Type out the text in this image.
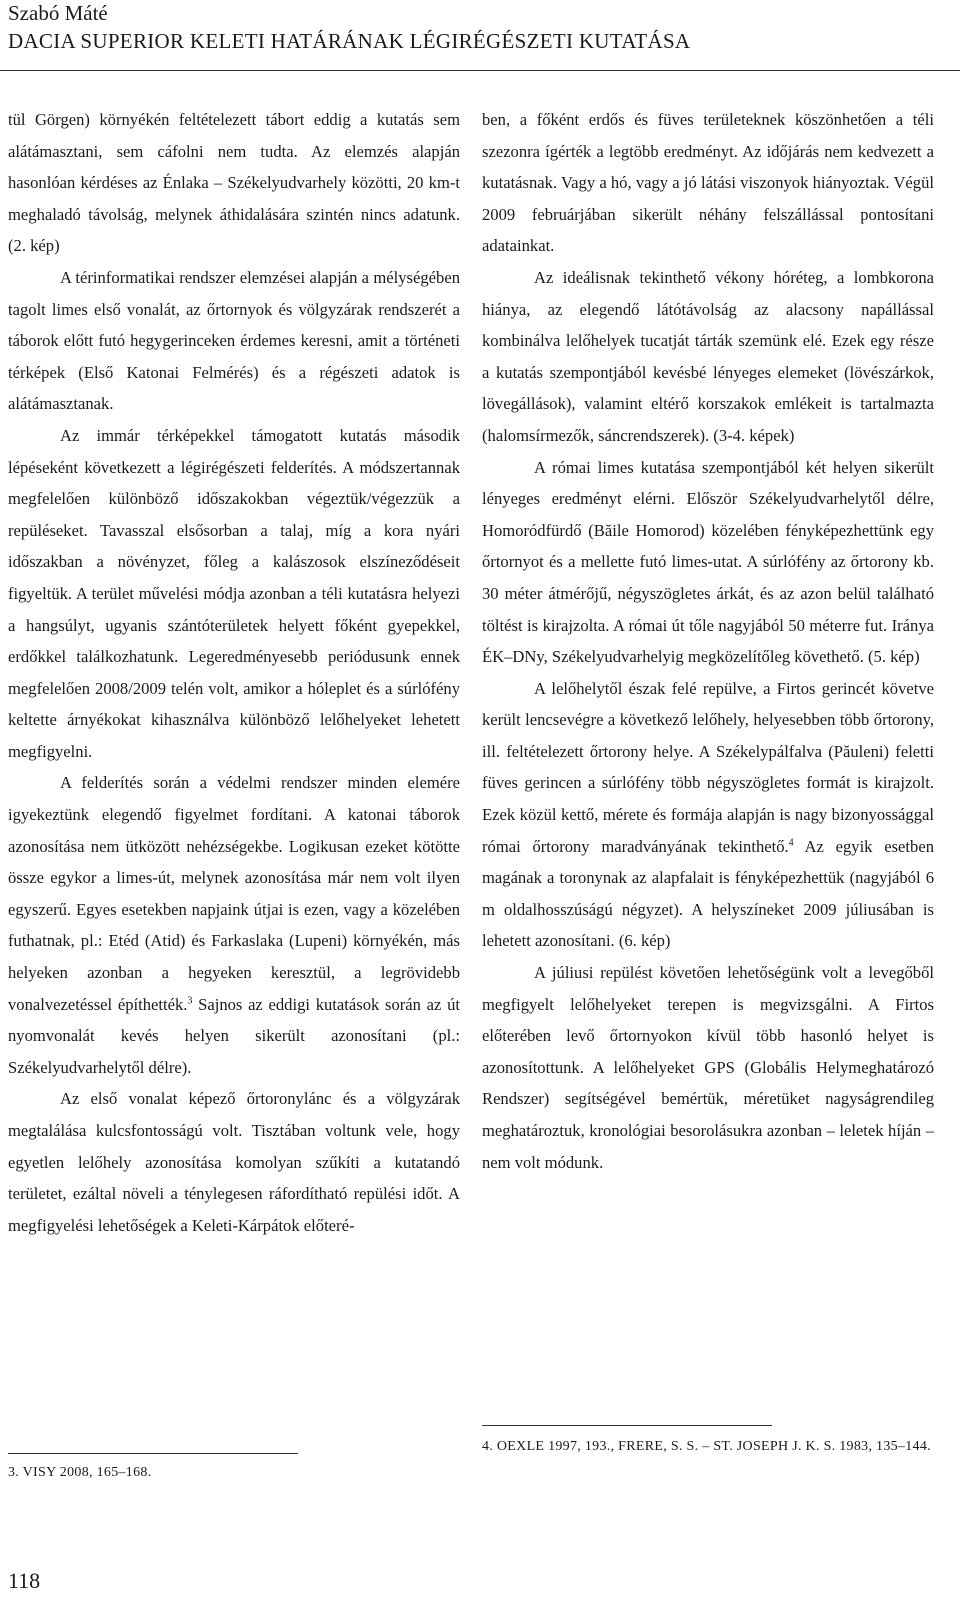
Szabó Máté
DACIA SUPERIOR KELETI HATÁRÁNAK LÉGIRÉGÉSZETI KUTATÁSA

tül Görgen) környékén feltételezett tábort eddig a kutatás sem alátámasztani, sem cáfolni nem tudta. Az elemzés alapján hasonlóan kérdéses az Énlaka – Székelyudvarhely közötti, 20 km-t meghaladó távolság, melynek áthidalására szintén nincs adatunk. (2. kép)

A térinformatikai rendszer elemzései alapján a mélységében tagolt limes első vonalát, az őrtornyok és völgyzárak rendszerét a táborok előtt futó hegygerinceken érdemes keresni, amit a történeti térképek (Első Katonai Felmérés) és a régészeti adatok is alátámasztanak.

Az immár térképekkel támogatott kutatás második lépéseként következett a légirégészeti felderítés. A módszertannak megfelelően különböző időszakokban végeztük/végezzük a repüléseket. Tavasszal elsősorban a talaj, míg a kora nyári időszakban a növényzet, főleg a kalászosok elszíneződéseit figyeltük. A terület művelési módja azonban a téli kutatásra helyezi a hangsúlyt, ugyanis szántóterületek helyett főként gyepekkel, erdőkkel találkozhatunk. Legeredményesebb periódusunk ennek megfelelően 2008/2009 telén volt, amikor a hóleplet és a súrlófény keltette árnyékokat kihasználva különböző lelőhelyeket lehetett megfigyelni.

A felderítés során a védelmi rendszer minden elemére igyekeztünk elegendő figyelmet fordítani. A katonai táborok azonosítása nem ütközött nehézségekbe. Logikusan ezeket kötötte össze egykor a limes-út, melynek azonosítása már nem volt ilyen egyszerű. Egyes esetekben napjaink útjai is ezen, vagy a közelében futhatnak, pl.: Etéd (Atid) és Farkaslaka (Lupeni) környékén, más helyeken azonban a hegyeken keresztül, a legrövidebb vonalvezetéssel építhették.$^3$ Sajnos az eddigi kutatások során az út nyomvonalát kevés helyen sikerült azonosítani (pl.: Székelyudvarhelytől délre).

Az első vonalat képező őrtoronylánc és a völgyzárak megtalálása kulcsfontosságú volt. Tisztában voltunk vele, hogy egyetlen lelőhely azonosítása komolyan szűkíti a kutatandó területet, ezáltal növeli a ténylegesen ráfordítható repülési időt. A megfigyelési lehetőségek a Keleti-Kárpátok előteré-

3. VISY 2008, 165–168.

ben, a főként erdős és füves területeknek köszönhetően a téli szezonra ígérték a legtöbb eredményt. Az időjárás nem kedvezett a kutatásnak. Vagy a hó, vagy a jó látási viszonyok hiányoztak. Végül 2009 februárjában sikerült néhány felszállással pontosítani adatainkat.

Az ideálisnak tekinthető vékony hóréteg, a lombkorona hiánya, az elegendő látótávolság az alacsony napállással kombinálva lelőhelyek tucatját tárták szemünk elé. Ezek egy része a kutatás szempontjából kevésbé lényeges elemeket (lövészárkok, lövegállások), valamint eltérő korszakok emlékeit is tartalmazta (halomsírmezők, sáncrendszerek). (3-4. képek)

A római limes kutatása szempontjából két helyen sikerült lényeges eredményt elérni. Először Székelyudvarhelytől délre, Homoródfürdő (Băile Homorod) közelében fényképezhettünk egy őrtornyot és a mellette futó limes-utat. A súrlófény az őrtorony kb. 30 méter átmérőjű, négyszögletes árkát, és az azon belül található töltést is kirajzolta. A római út tőle nagyjából 50 méterre fut. Iránya ÉK–DNy, Székelyudvarhelyig megközelítőleg követhető. (5. kép)

A lelőhelytől észak felé repülve, a Firtos gerincét követve került lencsevégre a következő lelőhely, helyesebben több őrtorony, ill. feltételezett őrtorony helye. A Székelypálfalva (Păuleni) feletti füves gerincen a súrlófény több négyszögletes formát is kirajzolt. Ezek közül kettő, mérete és formája alapján is nagy bizonyossággal római őrtorony maradványának tekinthető.$^4$ Az egyik esetben magának a toronynak az alapfalait is fényképezhettük (nagyjából 6 m oldalhosszúságú négyzet). A helyszíneket 2009 júliusában is lehetett azonosítani. (6. kép)

A júliusi repülést követően lehetőségünk volt a levegőből megfigyelt lelőhelyeket terepen is megvizsgálni. A Firtos előterében levő őrtornyokon kívül több hasonló helyet is azonosítottunk. A lelőhelyeket GPS (Globális Helymeghatározó Rendszer) segítségével bemértük, méretüket nagyságrendileg meghatároztuk, kronológiai besorolásukra azonban – leletek híján – nem volt módunk.

4. OEXLE 1997, 193., FRERE, S. S. – ST. JOSEPH J. K. S. 1983, 135–144.
118
